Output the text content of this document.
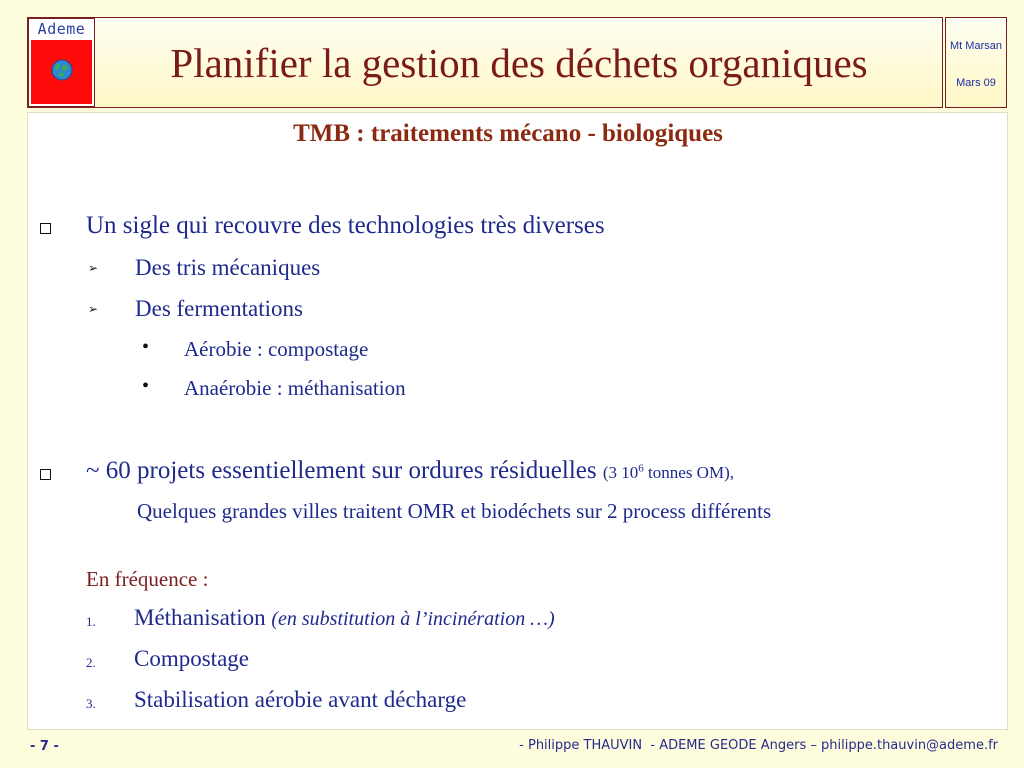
Ademe
Planifier la gestion des déchets organiques	Mt Marsan
Mars 09
TMB : traitements mécano - biologiques
Un sigle qui recouvre des technologies très diverses
➢ Des tris mécaniques
➢ Des fermentations
• Aérobie : compostage
• Anaérobie : méthanisation
~ 60 projets essentiellement sur ordures résiduelles (3 $10^6$ tonnes OM),
Quelques grandes villes traitent OMR et biodéchets sur 2 process différents
En fréquence :
1. Méthanisation (en substitution à l’incinération …)
2. Compostage
3. Stabilisation aérobie avant décharge
- 7 -	- Philippe THAUVIN  - ADEME GEODE Angers – philippe.thauvin@ademe.fr
